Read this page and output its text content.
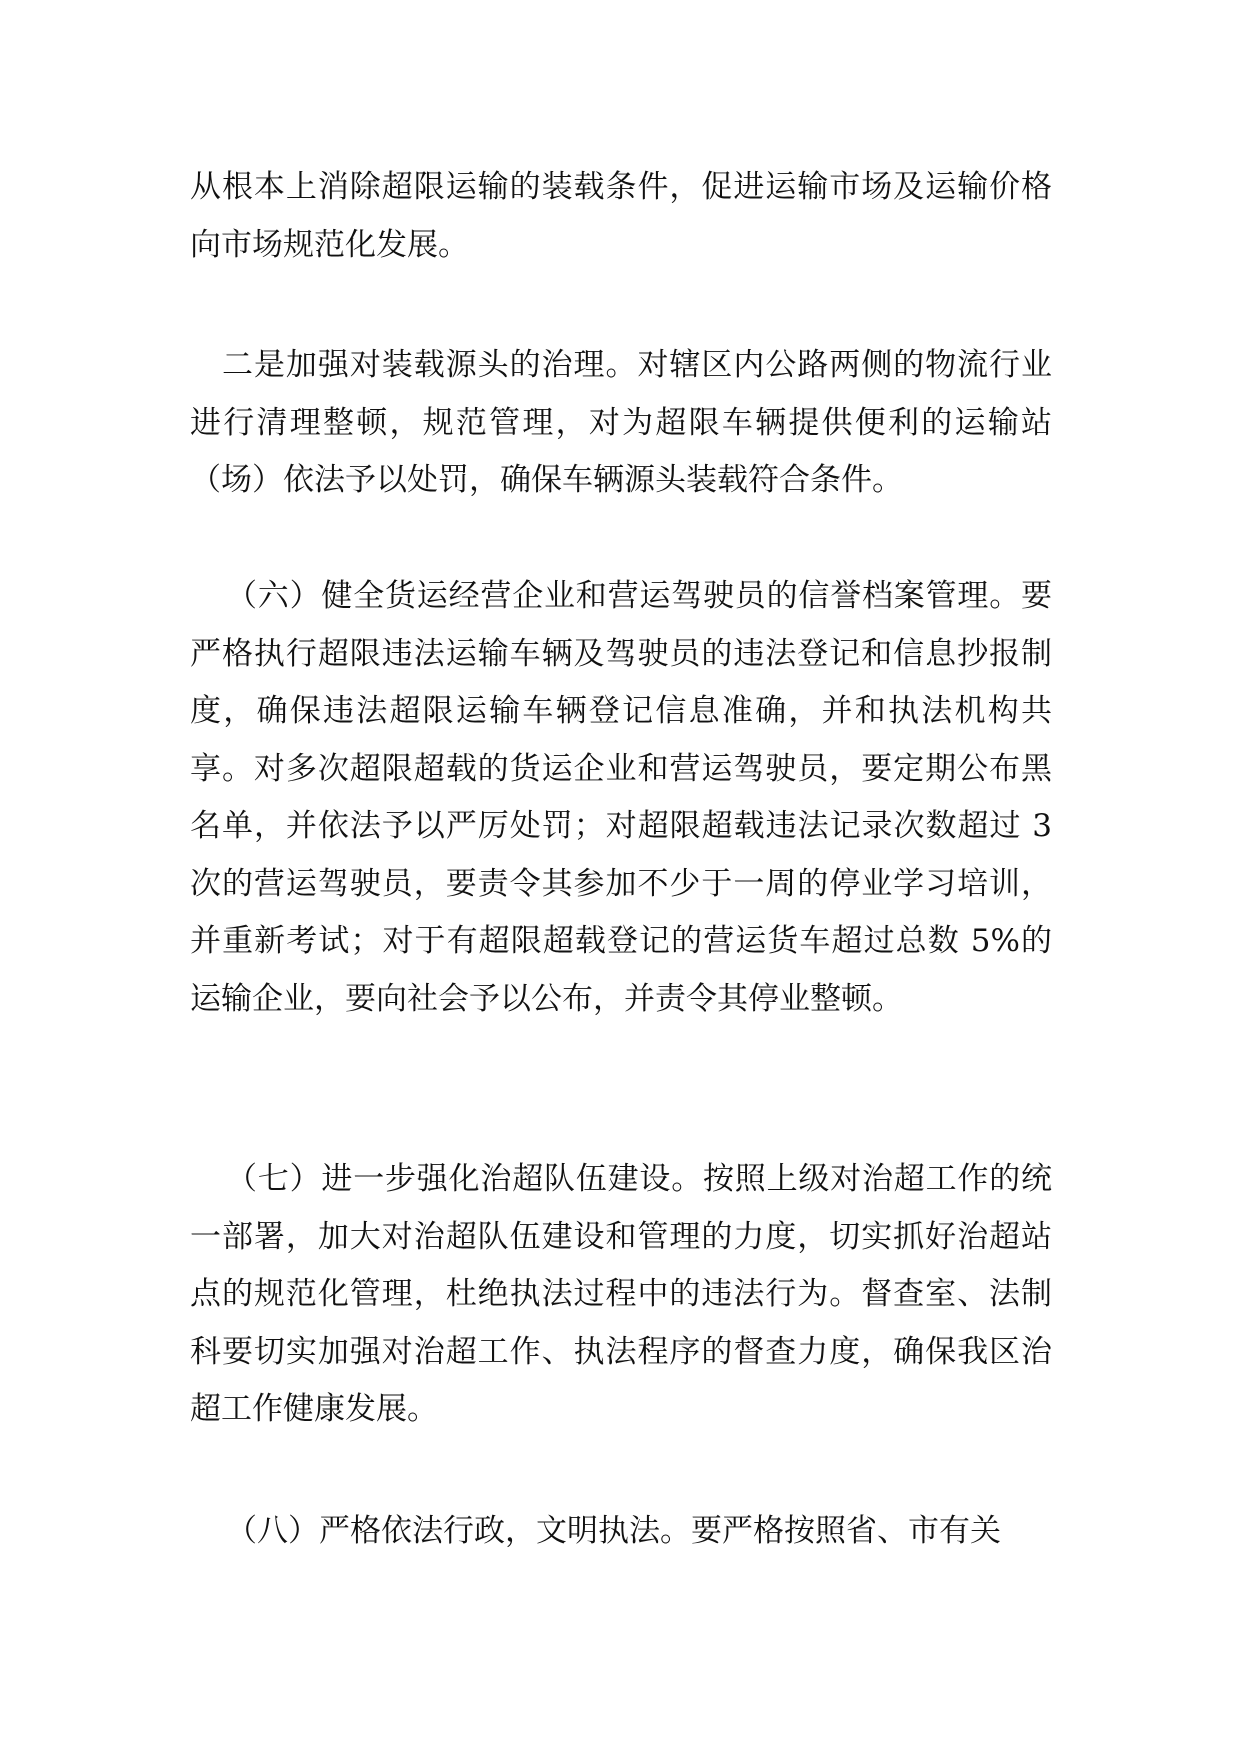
从根本上消除超限运输的装载条件，促进运输市场及运输价格向市场规范化发展。

二是加强对装载源头的治理。对辖区内公路两侧的物流行业进行清理整顿，规范管理，对为超限车辆提供便利的运输站（场）依法予以处罚，确保车辆源头装载符合条件。

（六）健全货运经营企业和营运驾驶员的信誉档案管理。要严格执行超限违法运输车辆及驾驶员的违法登记和信息抄报制度，确保违法超限运输车辆登记信息准确，并和执法机构共享。对多次超限超载的货运企业和营运驾驶员，要定期公布黑名单，并依法予以严厉处罚；对超限超载违法记录次数超过 3 次的营运驾驶员，要责令其参加不少于一周的停业学习培训，并重新考试；对于有超限超载登记的营运货车超过总数 5%的运输企业，要向社会予以公布，并责令其停业整顿。

（七）进一步强化治超队伍建设。按照上级对治超工作的统一部署，加大对治超队伍建设和管理的力度，切实抓好治超站点的规范化管理，杜绝执法过程中的违法行为。督查室、法制科要切实加强对治超工作、执法程序的督查力度，确保我区治超工作健康发展。

（八）严格依法行政，文明执法。要严格按照省、市有关
